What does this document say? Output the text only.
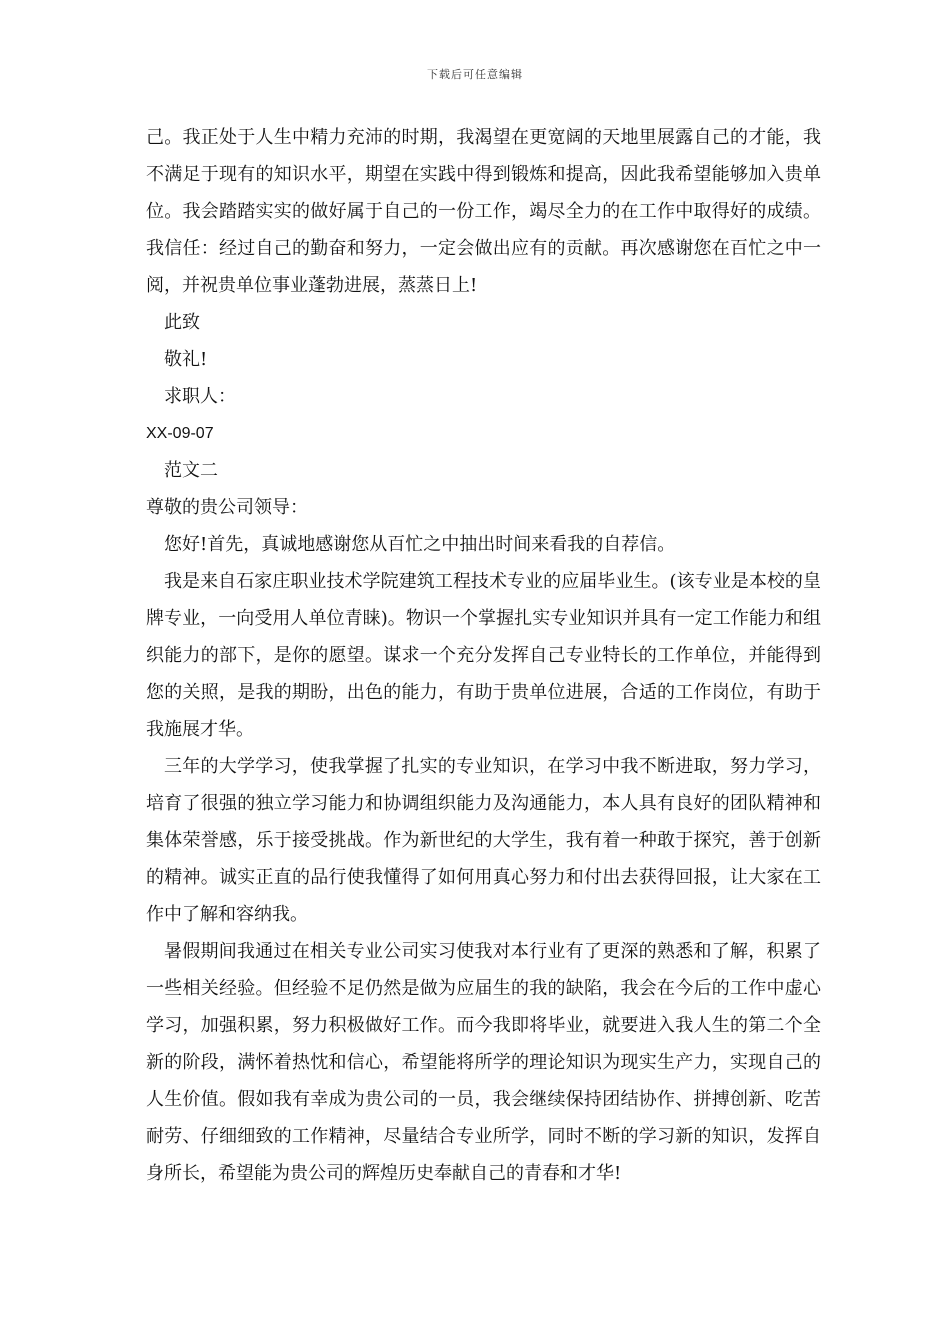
下载后可任意编辑

己。我正处于人生中精力充沛的时期，我渴望在更宽阔的天地里展露自己的才能，我不满足于现有的知识水平，期望在实践中得到锻炼和提高，因此我希望能够加入贵单位。我会踏踏实实的做好属于自己的一份工作，竭尽全力的在工作中取得好的成绩。我信任：经过自己的勤奋和努力，一定会做出应有的贡献。再次感谢您在百忙之中一阅，并祝贵单位事业蓬勃进展，蒸蒸日上!

此致

敬礼!

求职人：

XX-09-07

范文二

尊敬的贵公司领导：

您好!首先，真诚地感谢您从百忙之中抽出时间来看我的自荐信。

我是来自石家庄职业技术学院建筑工程技术专业的应届毕业生。(该专业是本校的皇牌专业，一向受用人单位青睐)。物识一个掌握扎实专业知识并具有一定工作能力和组织能力的部下，是你的愿望。谋求一个充分发挥自己专业特长的工作单位，并能得到您的关照，是我的期盼，出色的能力，有助于贵单位进展，合适的工作岗位，有助于我施展才华。

三年的大学学习，使我掌握了扎实的专业知识，在学习中我不断进取，努力学习，培育了很强的独立学习能力和协调组织能力及沟通能力，本人具有良好的团队精神和集体荣誉感，乐于接受挑战。作为新世纪的大学生，我有着一种敢于探究，善于创新的精神。诚实正直的品行使我懂得了如何用真心努力和付出去获得回报，让大家在工作中了解和容纳我。

暑假期间我通过在相关专业公司实习使我对本行业有了更深的熟悉和了解，积累了一些相关经验。但经验不足仍然是做为应届生的我的缺陷，我会在今后的工作中虚心学习，加强积累，努力积极做好工作。而今我即将毕业，就要进入我人生的第二个全新的阶段，满怀着热忱和信心，希望能将所学的理论知识为现实生产力，实现自己的人生价值。假如我有幸成为贵公司的一员，我会继续保持团结协作、拼搏创新、吃苦耐劳、仔细细致的工作精神，尽量结合专业所学，同时不断的学习新的知识，发挥自身所长，希望能为贵公司的辉煌历史奉献自己的青春和才华!
